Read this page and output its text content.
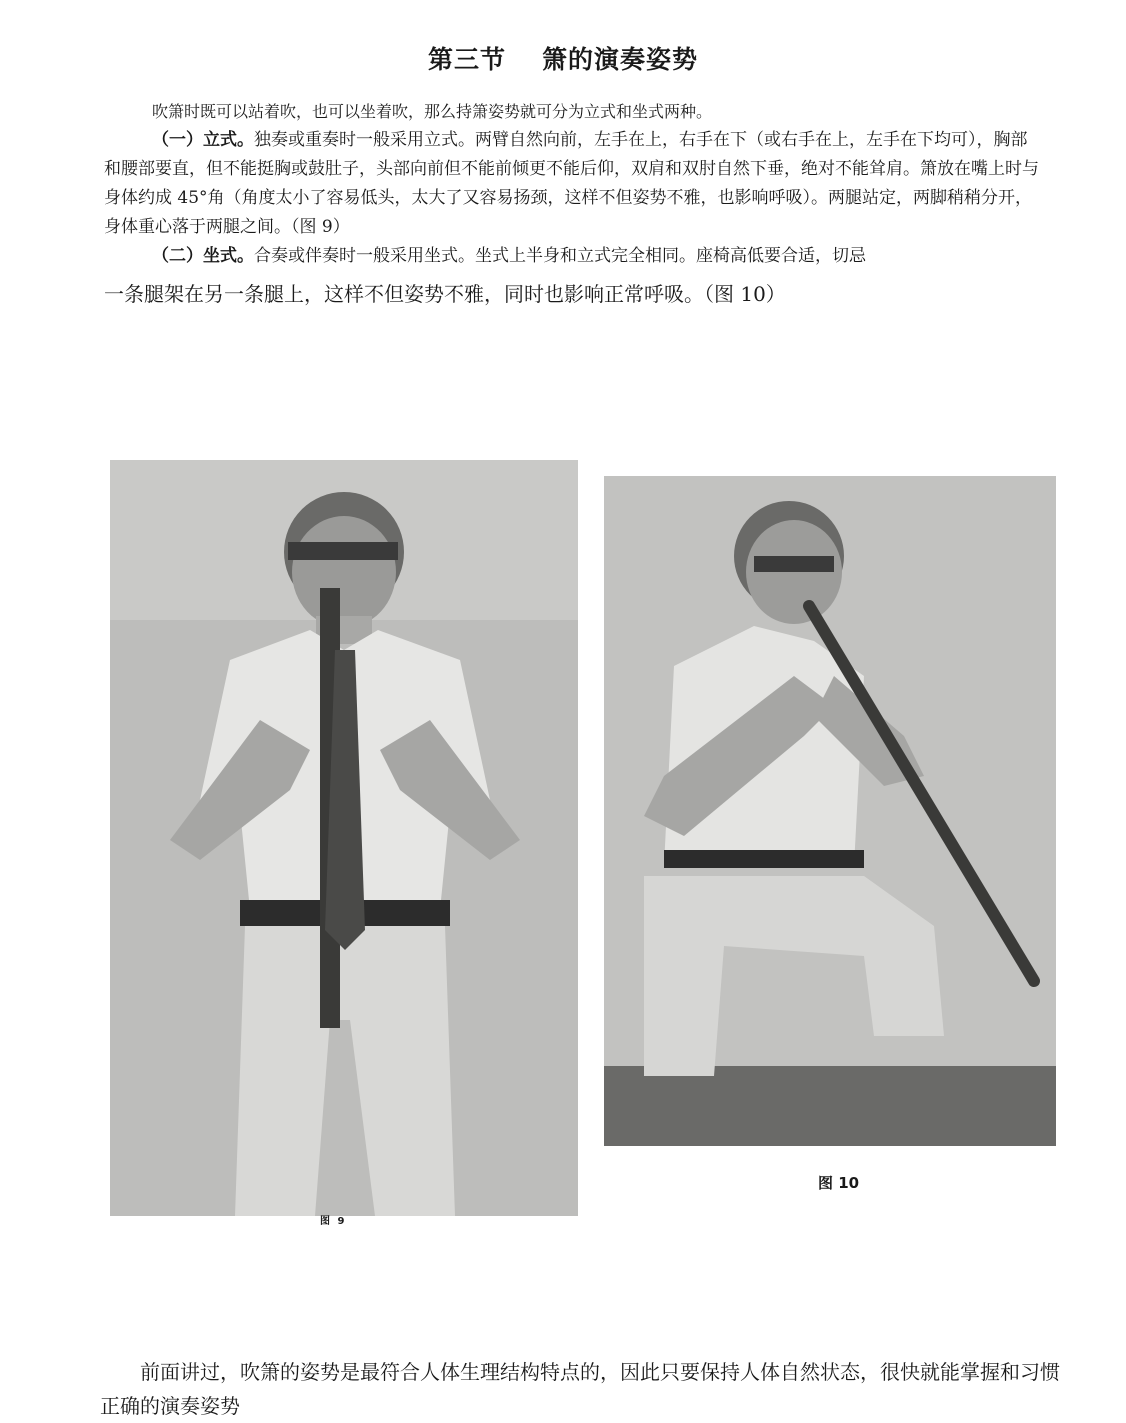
第三节 箫的演奏姿势

吹箫时既可以站着吹，也可以坐着吹，那么持箫姿势就可分为立式和坐式两种。

（一）立式。独奏或重奏时一般采用立式。两臂自然向前，左手在上，右手在下（或右手在上，左手在下均可），胸部和腰部要直，但不能挺胸或鼓肚子，头部向前但不能前倾更不能后仰，双肩和双肘自然下垂，绝对不能耸肩。箫放在嘴上时与身体约成 45°角（角度太小了容易低头，太大了又容易扬颈，这样不但姿势不雅，也影响呼吸）。两腿站定，两脚稍稍分开，身体重心落于两腿之间。（图 9）

（二）坐式。合奏或伴奏时一般采用坐式。坐式上半身和立式完全相同。座椅高低要合适，切忌

一条腿架在另一条腿上，这样不但姿势不雅，同时也影响正常呼吸。（图 10）

图 9
图 10

前面讲过，吹箫的姿势是最符合人体生理结构特点的，因此只要保持人体自然状态，很快就能掌握和习惯正确的演奏姿势
